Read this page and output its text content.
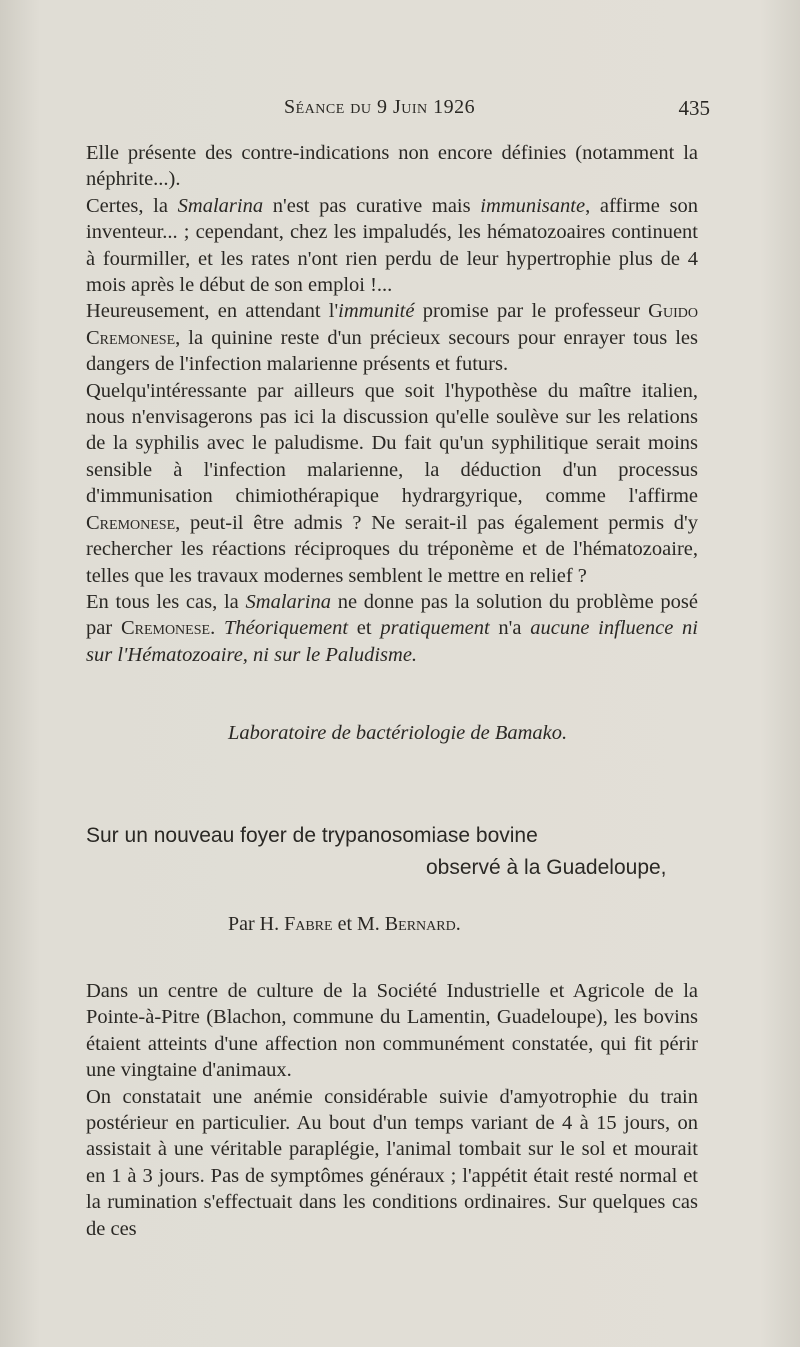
Séance du 9 Juin 1926	435

Elle présente des contre-indications non encore définies (notamment la néphrite...).

Certes, la Smalarina n'est pas curative mais immunisante, affirme son inventeur... ; cependant, chez les impaludés, les hématozoaires continuent à fourmiller, et les rates n'ont rien perdu de leur hypertrophie plus de 4 mois après le début de son emploi !...

Heureusement, en attendant l'immunité promise par le professeur Guido Cremonese, la quinine reste d'un précieux secours pour enrayer tous les dangers de l'infection malarienne présents et futurs.

Quelqu'intéressante par ailleurs que soit l'hypothèse du maître italien, nous n'envisagerons pas ici la discussion qu'elle soulève sur les relations de la syphilis avec le paludisme. Du fait qu'un syphilitique serait moins sensible à l'infection malarienne, la déduction d'un processus d'immunisation chimiothérapique hydrargyrique, comme l'affirme Cremonese, peut-il être admis ? Ne serait-il pas également permis d'y rechercher les réactions réciproques du tréponème et de l'hématozoaire, telles que les travaux modernes semblent le mettre en relief ?

En tous les cas, la Smalarina ne donne pas la solution du problème posé par Cremonese. Théoriquement et pratiquement n'a aucune influence ni sur l'Hématozoaire, ni sur le Paludisme.

Laboratoire de bactériologie de Bamako.
Sur un nouveau foyer de trypanosomiase bovine
observé à la Guadeloupe,
Par H. Fabre et M. Bernard.

Dans un centre de culture de la Société Industrielle et Agricole de la Pointe-à-Pitre (Blachon, commune du Lamentin, Guadeloupe), les bovins étaient atteints d'une affection non communément constatée, qui fit périr une vingtaine d'animaux.

On constatait une anémie considérable suivie d'amyotrophie du train postérieur en particulier. Au bout d'un temps variant de 4 à 15 jours, on assistait à une véritable paraplégie, l'animal tombait sur le sol et mourait en 1 à 3 jours. Pas de symptômes généraux ; l'appétit était resté normal et la rumination s'effectuait dans les conditions ordinaires. Sur quelques cas de ces
